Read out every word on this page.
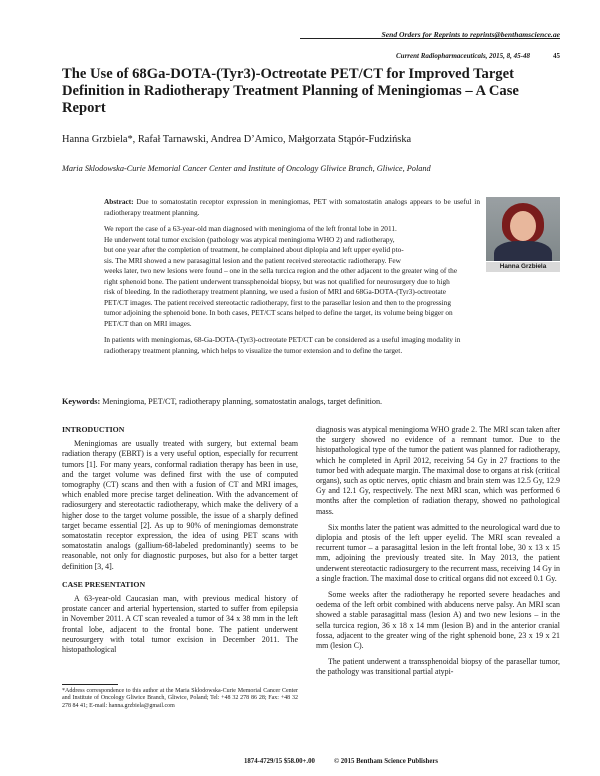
Send Orders for Reprints to reprints@benthamscience.ae
Current Radiopharmaceuticals, 2015, 8, 45-48	45
The Use of 68Ga-DOTA-(Tyr3)-Octreotate PET/CT for Improved Target Definition in Radiotherapy Treatment Planning of Meningiomas – A Case Report
Hanna Grzbiela*, Rafał Tarnawski, Andrea D’Amico, Małgorzata Stąpór-Fudzińska
Maria Sklodowska-Curie Memorial Cancer Center and Institute of Oncology Gliwice Branch, Gliwice, Poland
Hanna Grzbiela

Abstract: Due to somatostatin receptor expression in meningiomas, PET with somatostatin analogs appears to be useful in radiotherapy treatment planning.

We report the case of a 63-year-old man diagnosed with meningioma of the left frontal lobe in 2011.
He underwent total tumor excision (pathology was atypical meningioma WHO 2) and radiotherapy,
but one year after the completion of treatment, he complained about diplopia and left upper eyelid pto-
sis. The MRI showed a new parasagittal lesion and the patient received stereotactic radiotherapy. Few
weeks later, two new lesions were found – one in the sella turcica region and the other adjacent to the greater wing of the
right sphenoid bone. The patient underwent transsphenoidal biopsy, but was not qualified for neurosurgery due to high
risk of bleeding. In the radiotherapy treatment planning, we used a fusion of MRI and 68Ga-DOTA-(Tyr3)-octreotate
PET/CT images. The patient received stereotactic radiotherapy, first to the parasellar lesion and then to the progressing
tumor adjoining the sphenoid bone. In both cases, PET/CT scans helped to define the target, its volume being bigger on
PET/CT than on MRI images.
In patients with meningiomas, 68-Ga-DOTA-(Tyr3)-octreotate PET/CT can be considered as a useful imaging modality in
radiotherapy treatment planning, which helps to visualize the tumor extension and to define the target.
Keywords: Meningioma, PET/CT, radiotherapy planning, somatostatin analogs, target definition.
INTRODUCTION

Meningiomas are usually treated with surgery, but external beam radiation therapy (EBRT) is a very useful option, especially for recurrent tumors [1]. For many years, conformal radiation therapy has been in use, and the target volume was defined first with the use of computed tomography (CT) scans and then with a fusion of CT and MRI images, which enabled more precise target delineation. With the advancement of radiosurgery and stereotactic radiotherapy, which make the delivery of a higher dose to the target volume possible, the issue of a sharply defined target became essential [2]. As up to 90% of meningiomas demonstrate somatostatin receptor expression, the idea of using PET scans with somatostatin analogs (gallium-68-labeled predominantly) seems to be reasonable, not only for diagnostic purposes, but also for a better target definition [3, 4].

CASE PRESENTATION

A 63-year-old Caucasian man, with previous medical history of prostate cancer and arterial hypertension, started to suffer from epilepsia in November 2011. A CT scan revealed a tumor of 34 x 38 mm in the left frontal lobe, adjacent to the frontal bone. The patient underwent neurosurgery with total tumor excision in December 2011. The histopathological

diagnosis was atypical meningioma WHO grade 2. The MRI scan taken after the surgery showed no evidence of a remnant tumor. Due to the histopathological type of the tumor the patient was planned for radiotherapy, which he completed in April 2012, receiving 54 Gy in 27 fractions to the tumor bed with adequate margin. The maximal dose to organs at risk (critical organs), such as optic nerves, optic chiasm and brain stem was 12.5 Gy, 12.9 Gy and 12.1 Gy, respectively. The next MRI scan, which was performed 6 months after the completion of radiation therapy, showed no pathological mass.

Six months later the patient was admitted to the neurological ward due to diplopia and ptosis of the left upper eyelid. The MRI scan revealed a recurrent tumor – a parasagittal lesion in the left frontal lobe, 30 x 13 x 15 mm, adjoining the previously treated site. In May 2013, the patient underwent stereotactic radiosurgery to the recurrent mass, receiving 14 Gy in a single fraction. The maximal dose to critical organs did not exceed 0.1 Gy.

Some weeks after the radiotherapy he reported severe headaches and oedema of the left orbit combined with abducens nerve palsy. An MRI scan showed a stable parasagittal mass (lesion A) and two new lesions – in the sella turcica region, 36 x 18 x 14 mm (lesion B) and in the anterior cranial fossa, adjacent to the greater wing of the right sphenoid bone, 23 x 19 x 21 mm (lesion C).

The patient underwent a transsphenoidal biopsy of the parasellar tumor, the pathology was transitional partial atypi-

*Address correspondence to this author at the Maria Sklodowska-Curie Memorial Cancer Center and Institute of Oncology Gliwice Branch, Gliwice, Poland; Tel: +48 32 278 86 28; Fax: +48 32 278 84 41; E-mail: hanna.grzbiela@gmail.com
1874-4729/15 $58.00+.00	© 2015 Bentham Science Publishers
